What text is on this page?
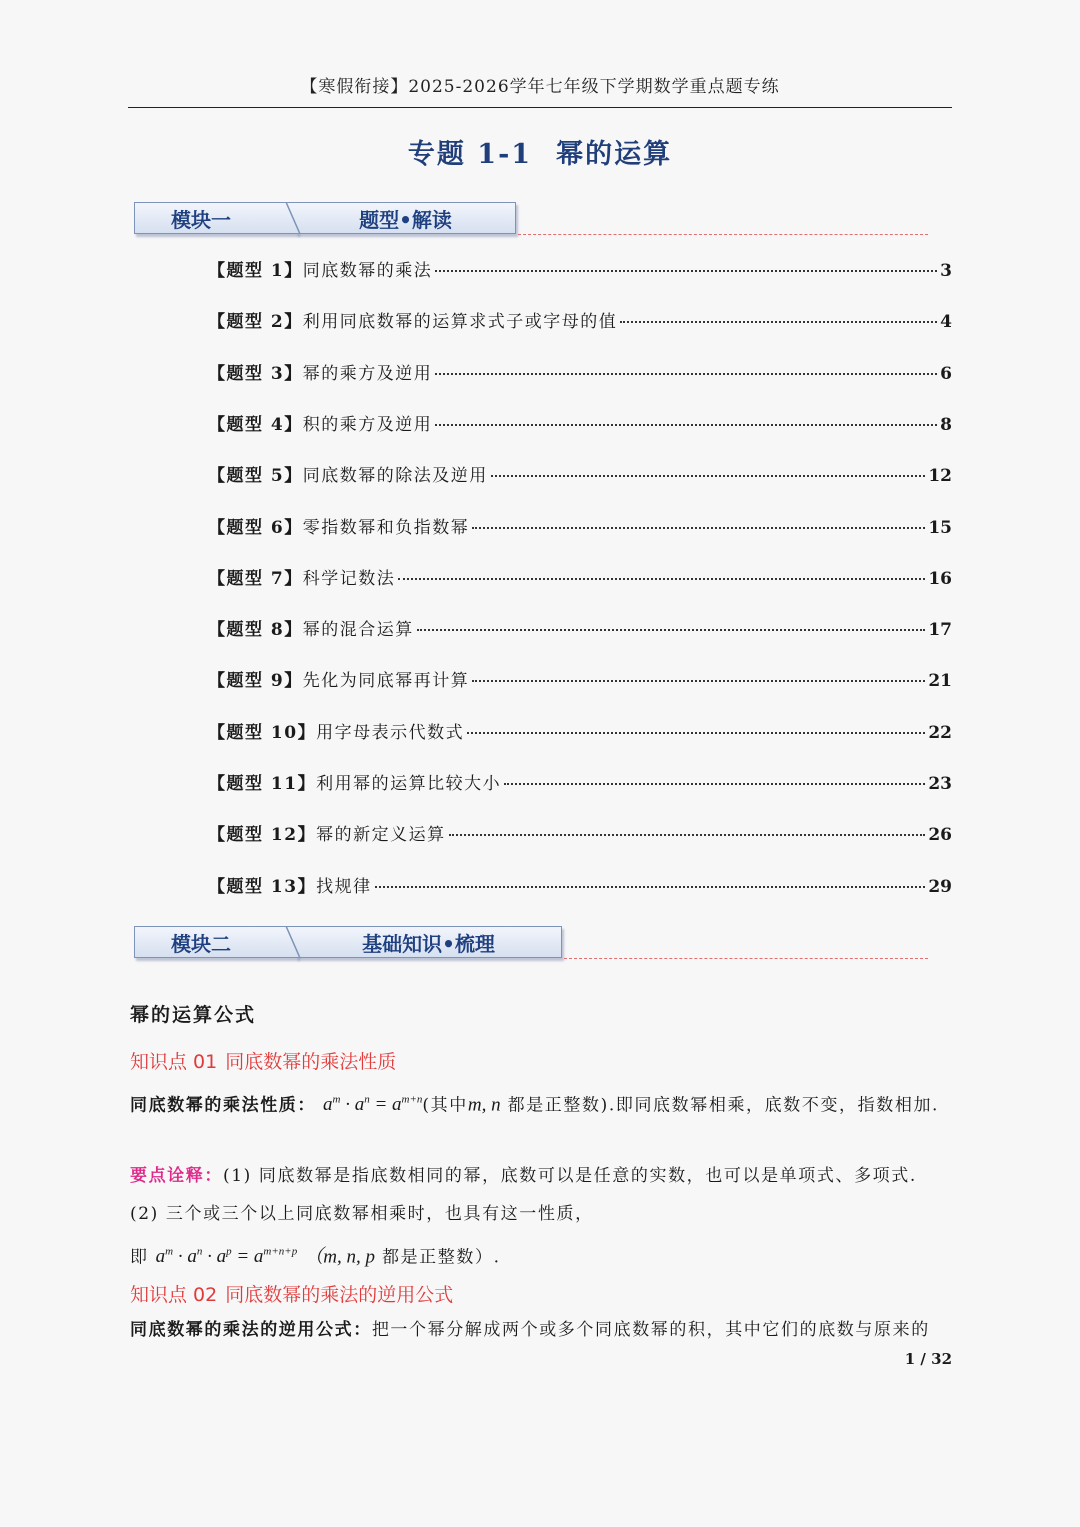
【寒假衔接】2025-2026学年七年级下学期数学重点题专练
专题 1-1 幂的运算
模块一	题型•解读
【题型 1】同底数幂的乘法	3
【题型 2】利用同底数幂的运算求式子或字母的值	4
【题型 3】幂的乘方及逆用	6
【题型 4】积的乘方及逆用	8
【题型 5】同底数幂的除法及逆用	12
【题型 6】零指数幂和负指数幂	15
【题型 7】科学记数法	16
【题型 8】幂的混合运算	17
【题型 9】先化为同底幂再计算	21
【题型 10】用字母表示代数式	22
【题型 11】利用幂的运算比较大小	23
【题型 12】幂的新定义运算	26
【题型 13】找规律	29
模块二	基础知识•梳理
幂的运算公式
知识点 01 同底数幂的乘法性质
同底数幂的乘法性质： $a^m \cdot a^n = a^{m+n}$(其中m, n 都是正整数).即同底数幂相乘，底数不变，指数相加.
要点诠释：(1) 同底数幂是指底数相同的幂，底数可以是任意的实数，也可以是单项式、多项式.
(2) 三个或三个以上同底数幂相乘时，也具有这一性质，
即 $a^m \cdot a^n \cdot a^p = a^{m+n+p}$ （m, n, p 都是正整数）.
知识点 02 同底数幂的乘法的逆用公式
同底数幂的乘法的逆用公式：把一个幂分解成两个或多个同底数幂的积，其中它们的底数与原来的
1 / 32
